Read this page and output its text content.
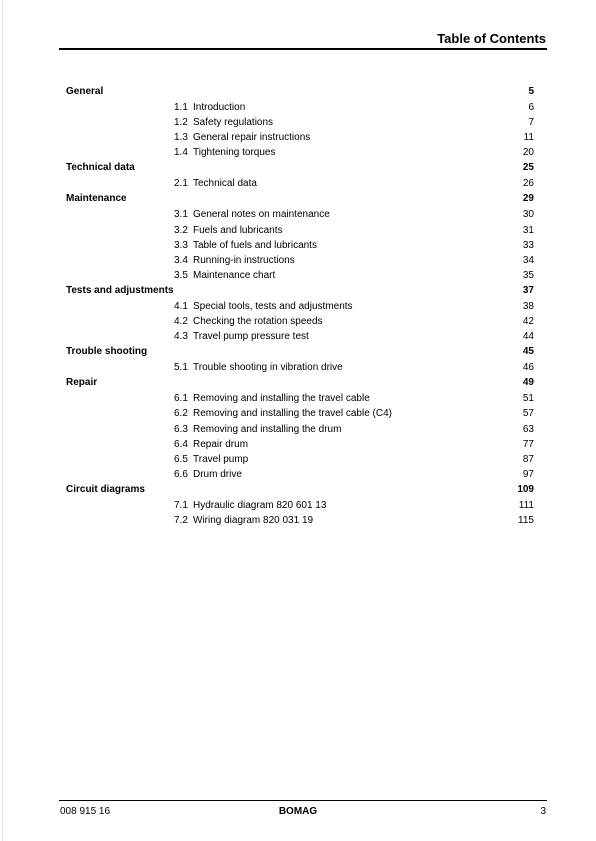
Table of Contents
General	5
1.1 Introduction	6
1.2 Safety regulations	7
1.3 General repair instructions	11
1.4 Tightening torques	20
Technical data	25
2.1 Technical data	26
Maintenance	29
3.1 General notes on maintenance	30
3.2 Fuels and lubricants	31
3.3 Table of fuels and lubricants	33
3.4 Running-in instructions	34
3.5 Maintenance chart	35
Tests and adjustments	37
4.1 Special tools, tests and adjustments	38
4.2 Checking the rotation speeds	42
4.3 Travel pump pressure test	44
Trouble shooting	45
5.1 Trouble shooting in vibration drive	46
Repair	49
6.1 Removing and installing the travel cable	51
6.2 Removing and installing the travel cable (C4)	57
6.3 Removing and installing the drum	63
6.4 Repair drum	77
6.5 Travel pump	87
6.6 Drum drive	97
Circuit diagrams	109
7.1 Hydraulic diagram 820 601 13	111
7.2 Wiring diagram 820 031 19	115
008 915 16	BOMAG	3
